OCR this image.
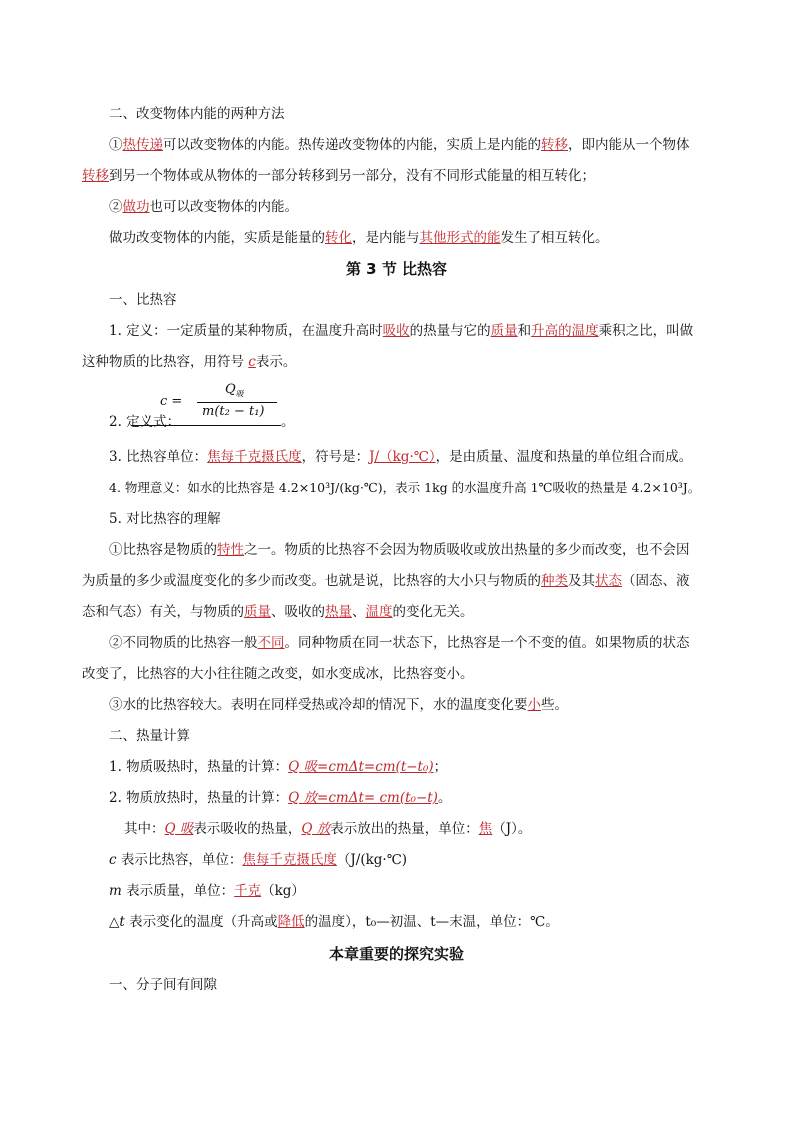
二、改变物体内能的两种方法
①热传递可以改变物体的内能。热传递改变物体的内能，实质上是内能的转移，即内能从一个物体
转移到另一个物体或从物体的一部分转移到另一部分，没有不同形式能量的相互转化；
②做功也可以改变物体的内能。
做功改变物体的内能，实质是能量的转化，是内能与其他形式的能发生了相互转化。
第 3 节 比热容
一、比热容
1. 定义：一定质量的某种物质，在温度升高时吸收的热量与它的质量和升高的温度乘积之比，叫做
这种物质的比热容，用符号 c表示。
2. 定义式：
c =
$Q_吸$
m(t₂ − t₁)
。
3. 比热容单位：焦每千克摄氏度，符号是：J/（kg·℃），是由质量、温度和热量的单位组合而成。
4. 物理意义：如水的比热容是 4.2×10³J/(kg·℃)，表示 1kg 的水温度升高 1℃吸收的热量是 4.2×10³J。
5. 对比热容的理解
①比热容是物质的特性之一。物质的比热容不会因为物质吸收或放出热量的多少而改变，也不会因
为质量的多少或温度变化的多少而改变。也就是说，比热容的大小只与物质的种类及其状态（固态、液
态和气态）有关，与物质的质量、吸收的热量、温度的变化无关。
②不同物质的比热容一般不同。同种物质在同一状态下，比热容是一个不变的值。如果物质的状态
改变了，比热容的大小往往随之改变，如水变成冰，比热容变小。
③水的比热容较大。表明在同样受热或冷却的情况下，水的温度变化要小些。
二、热量计算
1. 物质吸热时，热量的计算：Q 吸=cmΔt=cm(t−t₀)；
2. 物质放热时，热量的计算：Q 放=cmΔt= cm(t₀−t)。
其中：Q 吸表示吸收的热量，Q 放表示放出的热量，单位：焦（J）。
c 表示比热容，单位：焦每千克摄氏度（J/(kg·℃)
m 表示质量，单位：千克（kg）
△t 表示变化的温度（升高或降低的温度），t₀—初温、t—末温，单位：℃。
本章重要的探究实验
一、分子间有间隙
